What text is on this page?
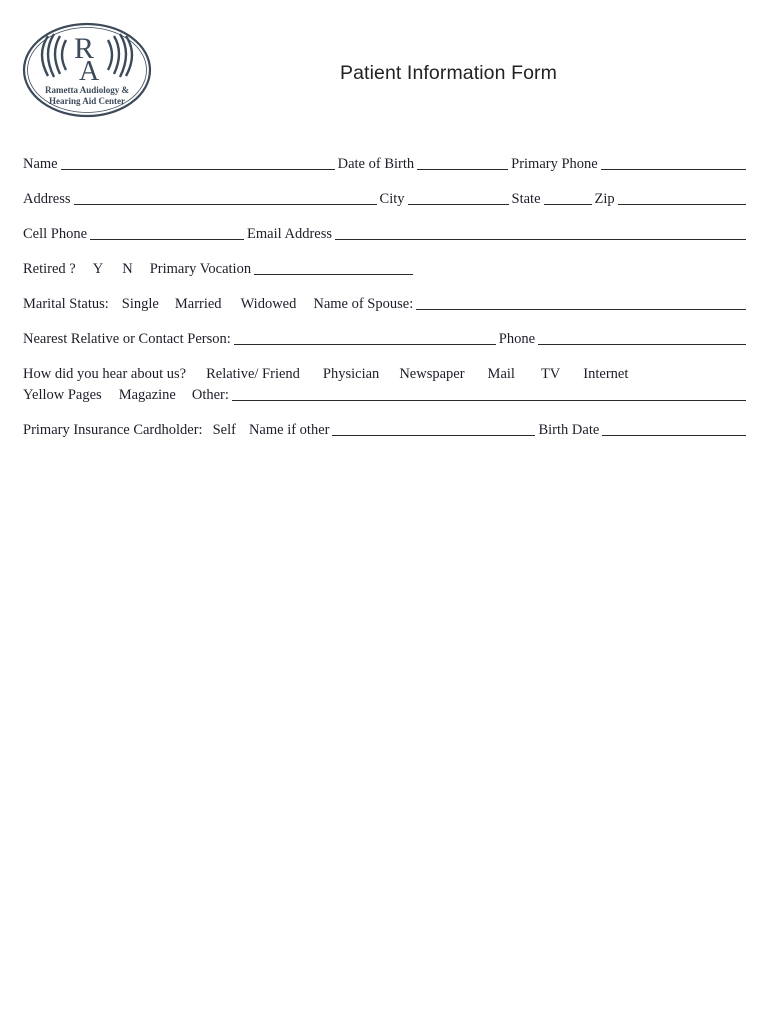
R
A
Rametta Audiology &
Hearing Aid Center
Patient Information Form
Name	Date of Birth	Primary Phone
Address	City	State	Zip
Cell Phone	Email Address
Retired ? Y N Primary Vocation
Marital Status: Single Married Widowed Name of Spouse:
Nearest Relative or Contact Person:	Phone
How did you hear about us? Relative/ Friend Physician Newspaper Mail TV Internet
Yellow Pages Magazine Other:
Primary Insurance Cardholder: Self Name if other	Birth Date
